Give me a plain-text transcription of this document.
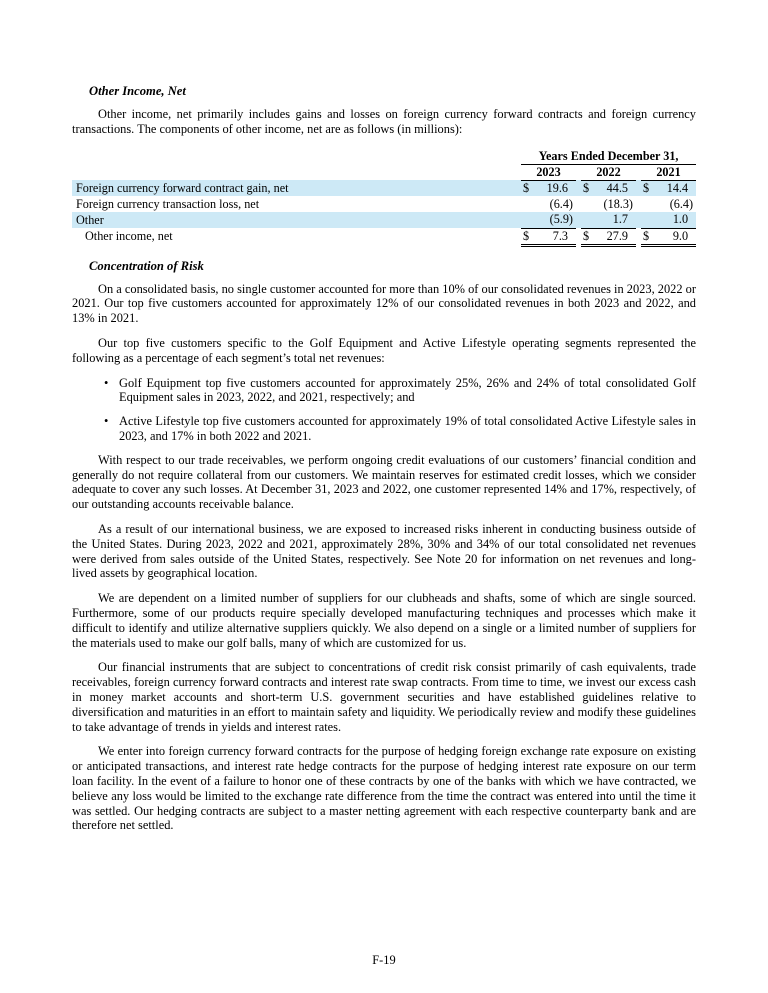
Other Income, Net

Other income, net primarily includes gains and losses on foreign currency forward contracts and foreign currency transactions. The components of other income, net are as follows (in millions):

	Years Ended December 31,							
	2023			2022			2021	
Foreign currency forward contract gain, net	$	19.6		$	44.5		$	14.4
Foreign currency transaction loss, net		(6.4)			(18.3)			(6.4)
Other		(5.9)			1.7			1.0
Other income, net	$	7.3		$	27.9		$	9.0
Concentration of Risk

On a consolidated basis, no single customer accounted for more than 10% of our consolidated revenues in 2023, 2022 or 2021. Our top five customers accounted for approximately 12% of our consolidated revenues in both 2023 and 2022, and 13% in 2021.

Our top five customers specific to the Golf Equipment and Active Lifestyle operating segments represented the following as a percentage of each segment’s total net revenues:

• Golf Equipment top five customers accounted for approximately 25%, 26% and 24% of total consolidated Golf Equipment sales in 2023, 2022, and 2021, respectively; and
• Active Lifestyle top five customers accounted for approximately 19% of total consolidated Active Lifestyle sales in 2023, and 17% in both 2022 and 2021.

With respect to our trade receivables, we perform ongoing credit evaluations of our customers’ financial condition and generally do not require collateral from our customers. We maintain reserves for estimated credit losses, which we consider adequate to cover any such losses. At December 31, 2023 and 2022, one customer represented 14% and 17%, respectively, of our outstanding accounts receivable balance.

As a result of our international business, we are exposed to increased risks inherent in conducting business outside of the United States. During 2023, 2022 and 2021, approximately 28%, 30% and 34% of our total consolidated net revenues were derived from sales outside of the United States, respectively. See Note 20 for information on net revenues and long-lived assets by geographical location.

We are dependent on a limited number of suppliers for our clubheads and shafts, some of which are single sourced. Furthermore, some of our products require specially developed manufacturing techniques and processes which make it difficult to identify and utilize alternative suppliers quickly. We also depend on a single or a limited number of suppliers for the materials used to make our golf balls, many of which are customized for us.

Our financial instruments that are subject to concentrations of credit risk consist primarily of cash equivalents, trade receivables, foreign currency forward contracts and interest rate swap contracts. From time to time, we invest our excess cash in money market accounts and short-term U.S. government securities and have established guidelines relative to diversification and maturities in an effort to maintain safety and liquidity. We periodically review and modify these guidelines to take advantage of trends in yields and interest rates.

We enter into foreign currency forward contracts for the purpose of hedging foreign exchange rate exposure on existing or anticipated transactions, and interest rate hedge contracts for the purpose of hedging interest rate exposure on our term loan facility. In the event of a failure to honor one of these contracts by one of the banks with which we have contracted, we believe any loss would be limited to the exchange rate difference from the time the contract was entered into until the time it was settled. Our hedging contracts are subject to a master netting agreement with each respective counterparty bank and are therefore net settled.

F-19
